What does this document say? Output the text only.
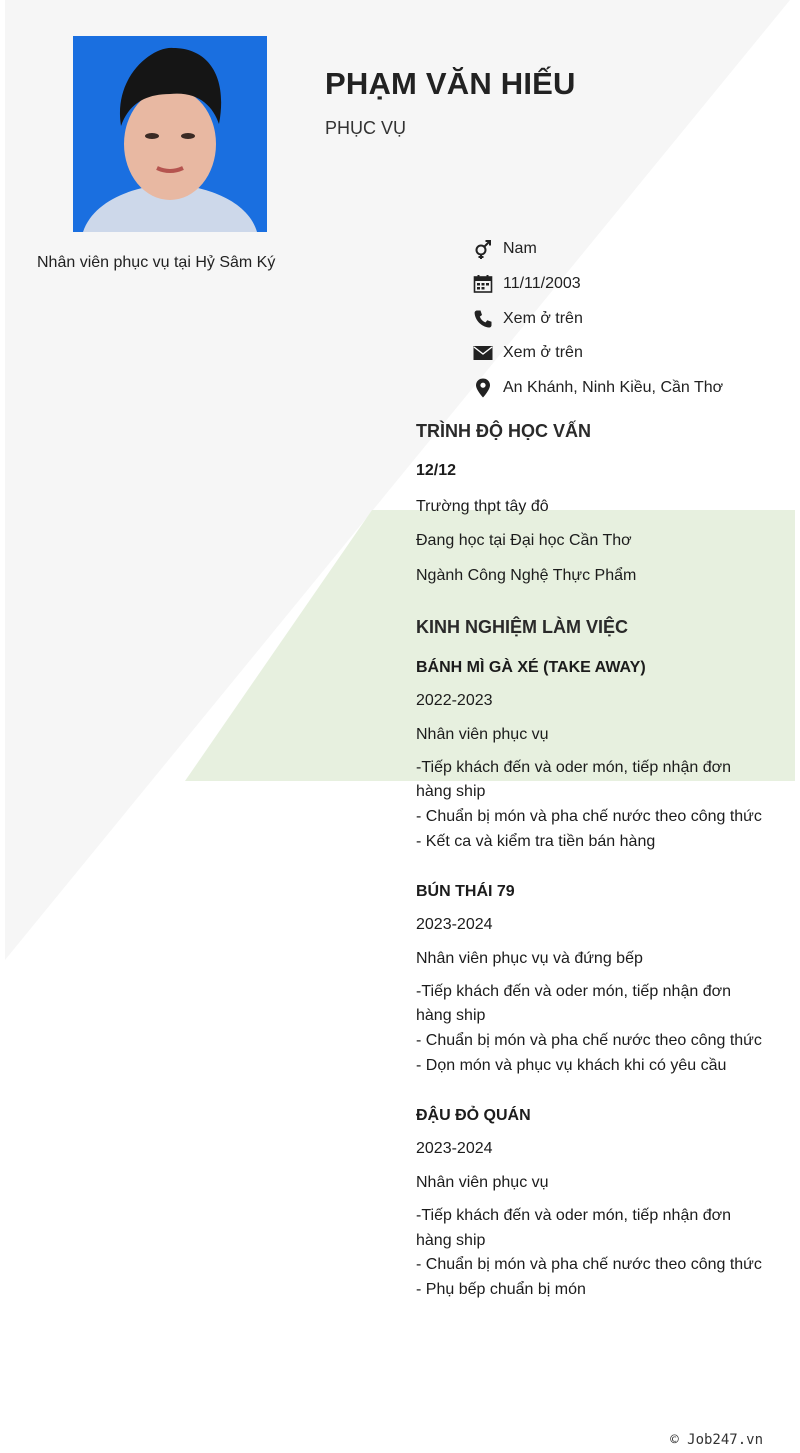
PHẠM VĂN HIẾU
PHỤC VỤ
Nhân viên phục vụ tại Hỷ Sâm Ký
Nam
11/11/2003
Xem ở trên
Xem ở trên
An Khánh, Ninh Kiều, Cần Thơ
TRÌNH ĐỘ HỌC VẤN
12/12
Trường thpt tây đô
Đang học tại Đại học Cần Thơ
Ngành Công Nghệ Thực Phẩm
KINH NGHIỆM LÀM VIỆC
BÁNH MÌ GÀ XÉ (TAKE AWAY)
2022-2023
Nhân viên phục vụ
-Tiếp khách đến và oder món, tiếp nhận đơn hàng ship
- Chuẩn bị món và pha chế nước theo công thức
- Kết ca và kiểm tra tiền bán hàng
BÚN THÁI 79
2023-2024
Nhân viên phục vụ và đứng bếp
-Tiếp khách đến và oder món, tiếp nhận đơn hàng ship
- Chuẩn bị món và pha chế nước theo công thức
- Dọn món và phục vụ khách khi có yêu cầu
ĐẬU ĐỎ QUÁN
2023-2024
Nhân viên phục vụ
-Tiếp khách đến và oder món, tiếp nhận đơn hàng ship
- Chuẩn bị món và pha chế nước theo công thức
- Phụ bếp chuẩn bị món
© Job247.vn
